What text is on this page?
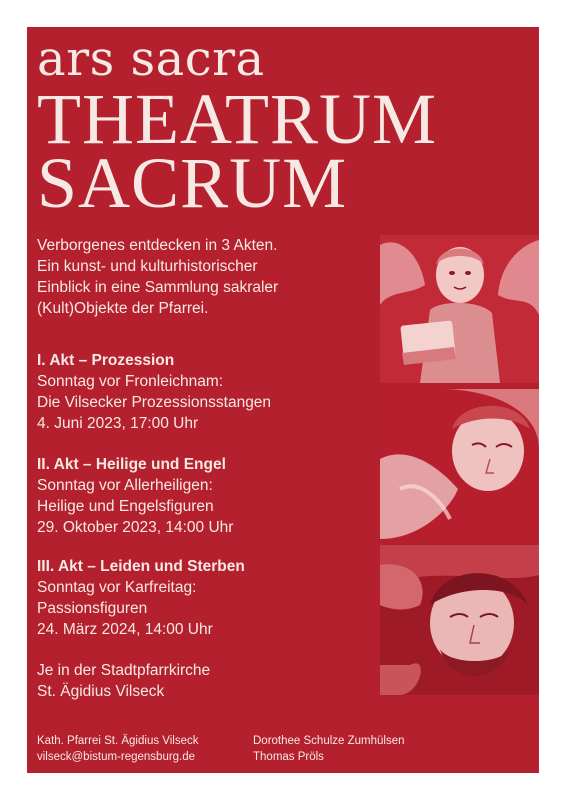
ars sacra
THEATRUM
SACRUM
Verborgenes entdecken in 3 Akten.
Ein kunst- und kulturhistorischer
Einblick in eine Sammlung sakraler
(Kult)Objekte der Pfarrei.
I. Akt – Prozession
Sonntag vor Fronleichnam:
Die Vilsecker Prozessionsstangen
4. Juni 2023, 17:00 Uhr
II. Akt – Heilige und Engel
Sonntag vor Allerheiligen:
Heilige und Engelsfiguren
29. Oktober 2023, 14:00 Uhr
III. Akt – Leiden und Sterben
Sonntag vor Karfreitag:
Passionsfiguren
24. März 2024, 14:00 Uhr
Je in der Stadtpfarrkirche
St. Ägidius Vilseck
Kath. Pfarrei St. Ägidius Vilseck
vilseck@bistum-regensburg.de
Dorothee Schulze Zumhülsen
Thomas Pröls
